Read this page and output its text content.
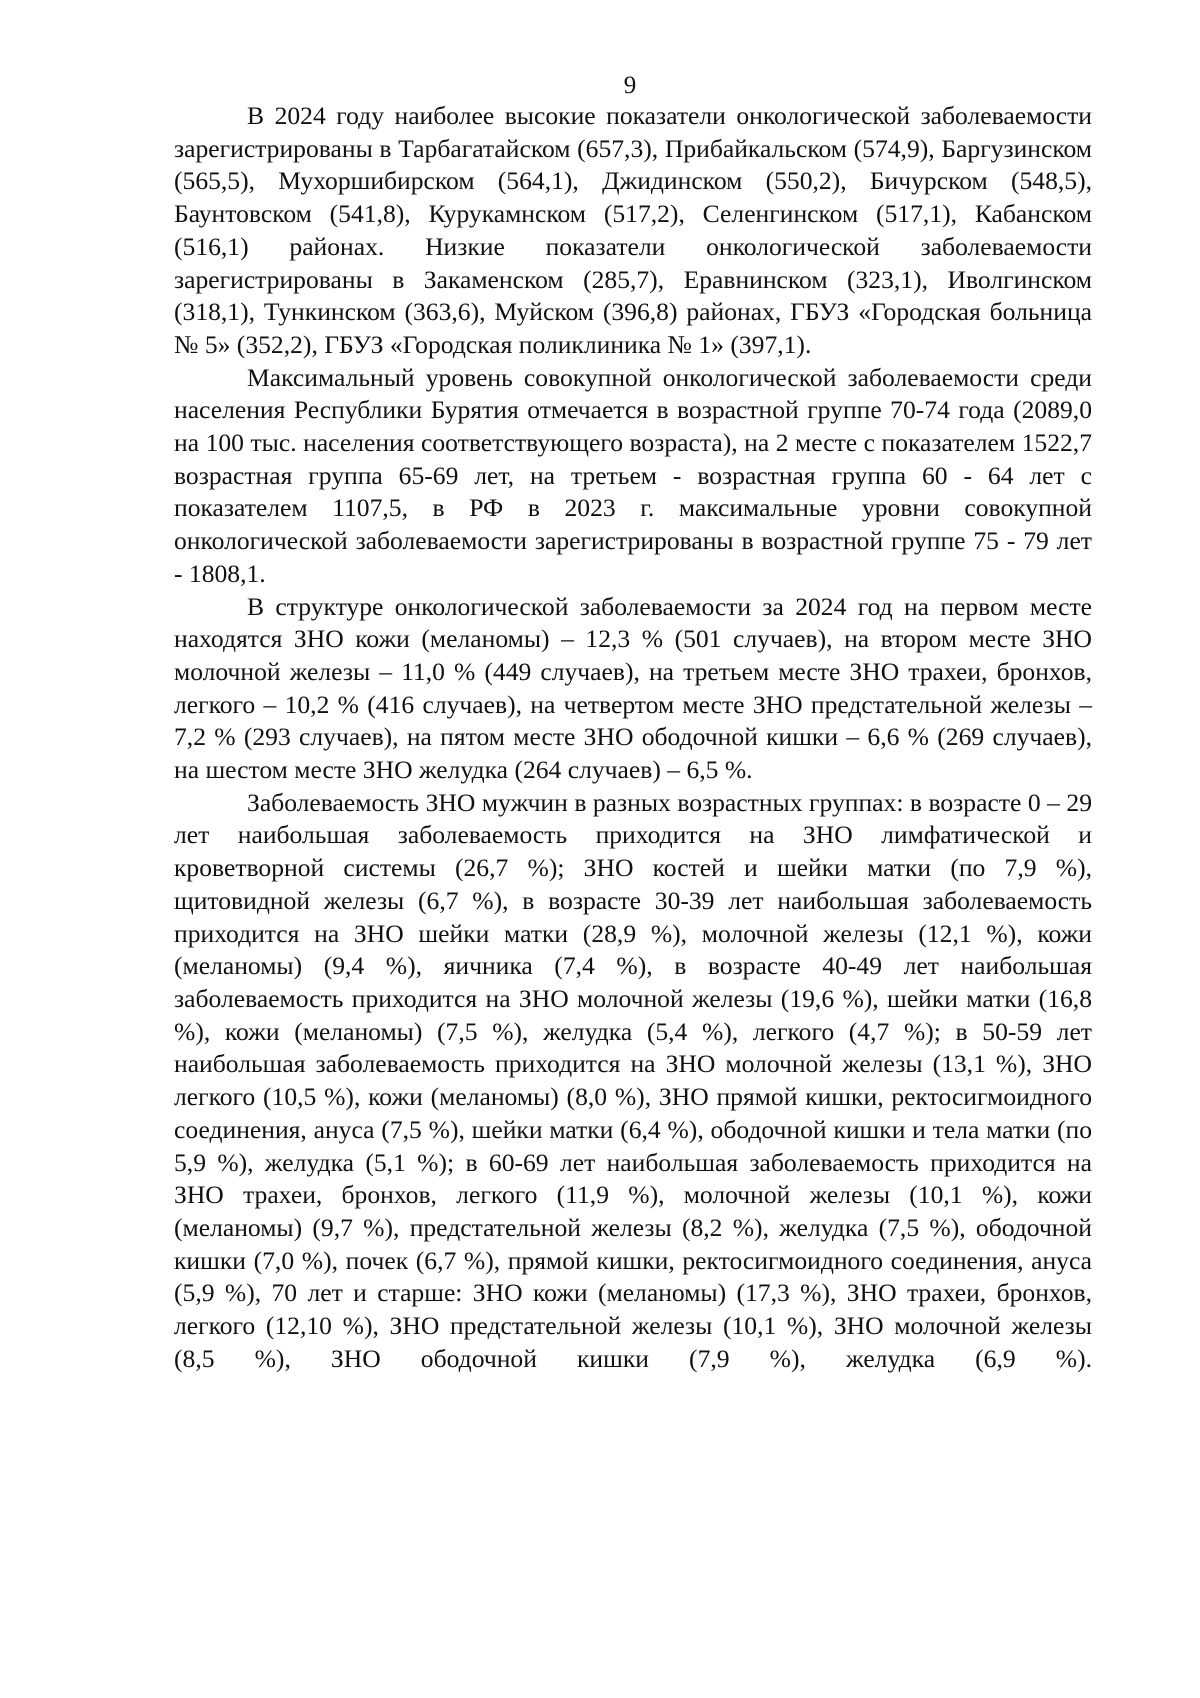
9

В 2024 году наиболее высокие показатели онкологической заболеваемости зарегистрированы в Тарбагатайском (657,3), Прибайкальском (574,9), Баргузинском (565,5), Мухоршибирском (564,1), Джидинском (550,2), Бичурском (548,5), Баунтовском (541,8), Курукамнском (517,2), Селенгинском (517,1), Кабанском (516,1) районах. Низкие показатели онкологической заболеваемости зарегистрированы в Закаменском (285,7), Еравнинском (323,1), Иволгинском (318,1), Тункинском (363,6), Муйском (396,8) районах, ГБУЗ «Городская больница № 5» (352,2), ГБУЗ «Городская поликлиника № 1» (397,1).

Максимальный уровень совокупной онкологической заболеваемости среди населения Республики Бурятия отмечается в возрастной группе 70-74 года (2089,0 на 100 тыс. населения соответствующего возраста), на 2 месте с показателем 1522,7 возрастная группа 65-69 лет, на третьем - возрастная группа 60 - 64 лет с показателем 1107,5, в РФ в 2023 г. максимальные уровни совокупной онкологической заболеваемости зарегистрированы в возрастной группе 75 - 79 лет - 1808,1.

В структуре онкологической заболеваемости за 2024 год на первом месте находятся ЗНО кожи (меланомы) – 12,3 % (501 случаев), на втором месте ЗНО молочной железы – 11,0 % (449 случаев), на третьем месте ЗНО трахеи, бронхов, легкого – 10,2 % (416 случаев), на четвертом месте ЗНО предстательной железы – 7,2 % (293 случаев), на пятом месте ЗНО ободочной кишки – 6,6 % (269 случаев), на шестом месте ЗНО желудка (264 случаев) – 6,5 %.

Заболеваемость ЗНО мужчин в разных возрастных группах: в возрасте 0 – 29 лет наибольшая заболеваемость приходится на ЗНО лимфатической и кроветворной системы (26,7 %); ЗНО костей и шейки матки (по 7,9 %), щитовидной железы (6,7 %), в возрасте 30-39 лет наибольшая заболеваемость приходится на ЗНО шейки матки (28,9 %), молочной железы (12,1 %), кожи (меланомы) (9,4 %), яичника (7,4 %), в возрасте 40-49 лет наибольшая заболеваемость приходится на ЗНО молочной железы (19,6 %), шейки матки (16,8 %), кожи (меланомы) (7,5 %), желудка (5,4 %), легкого (4,7 %); в 50-59 лет наибольшая заболеваемость приходится на ЗНО молочной железы (13,1 %), ЗНО легкого (10,5 %), кожи (меланомы) (8,0 %), ЗНО прямой кишки, ректосигмоидного соединения, ануса (7,5 %), шейки матки (6,4 %), ободочной кишки и тела матки (по 5,9 %), желудка (5,1 %); в 60-69 лет наибольшая заболеваемость приходится на ЗНО трахеи, бронхов, легкого (11,9 %), молочной железы (10,1 %), кожи (меланомы) (9,7 %), предстательной железы (8,2 %), желудка (7,5 %), ободочной кишки (7,0 %), почек (6,7 %), прямой кишки, ректосигмоидного соединения, ануса (5,9 %), 70 лет и старше: ЗНО кожи (меланомы) (17,3 %), ЗНО трахеи, бронхов, легкого (12,10 %), ЗНО предстательной железы (10,1 %), ЗНО молочной железы (8,5 %), ЗНО ободочной кишки (7,9 %), желудка (6,9 %).
